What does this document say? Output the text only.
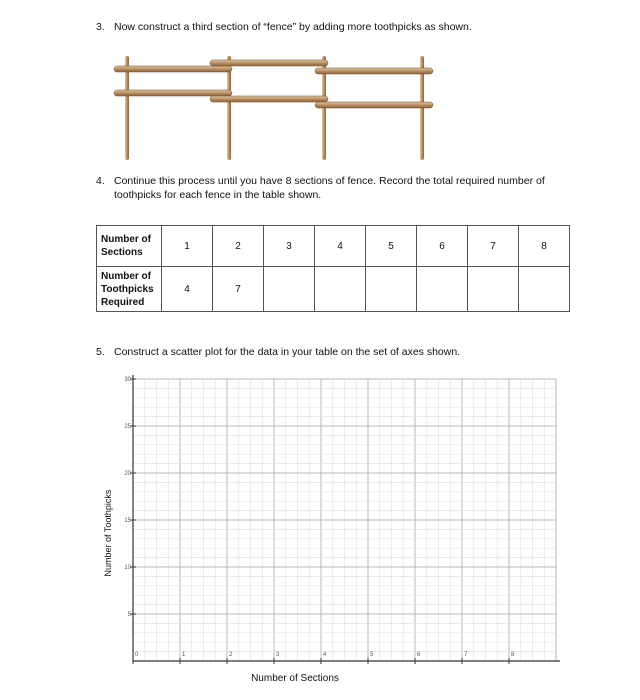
3. Now construct a third section of “fence” by adding more toothpicks as shown.
4. Continue this process until you have 8 sections of fence. Record the total required number of
toothpicks for each fence in the table shown.
Number of
Sections	1	2	3	4	5	6	7	8
Number of
Toothpicks
Required	4	7						
5. Construct a scatter plot for the data in your table on the set of axes shown.
0	1	2	3	4	5	6	7	8
5
10
15
20
25
30
Number of Toothpicks
Number of Sections
